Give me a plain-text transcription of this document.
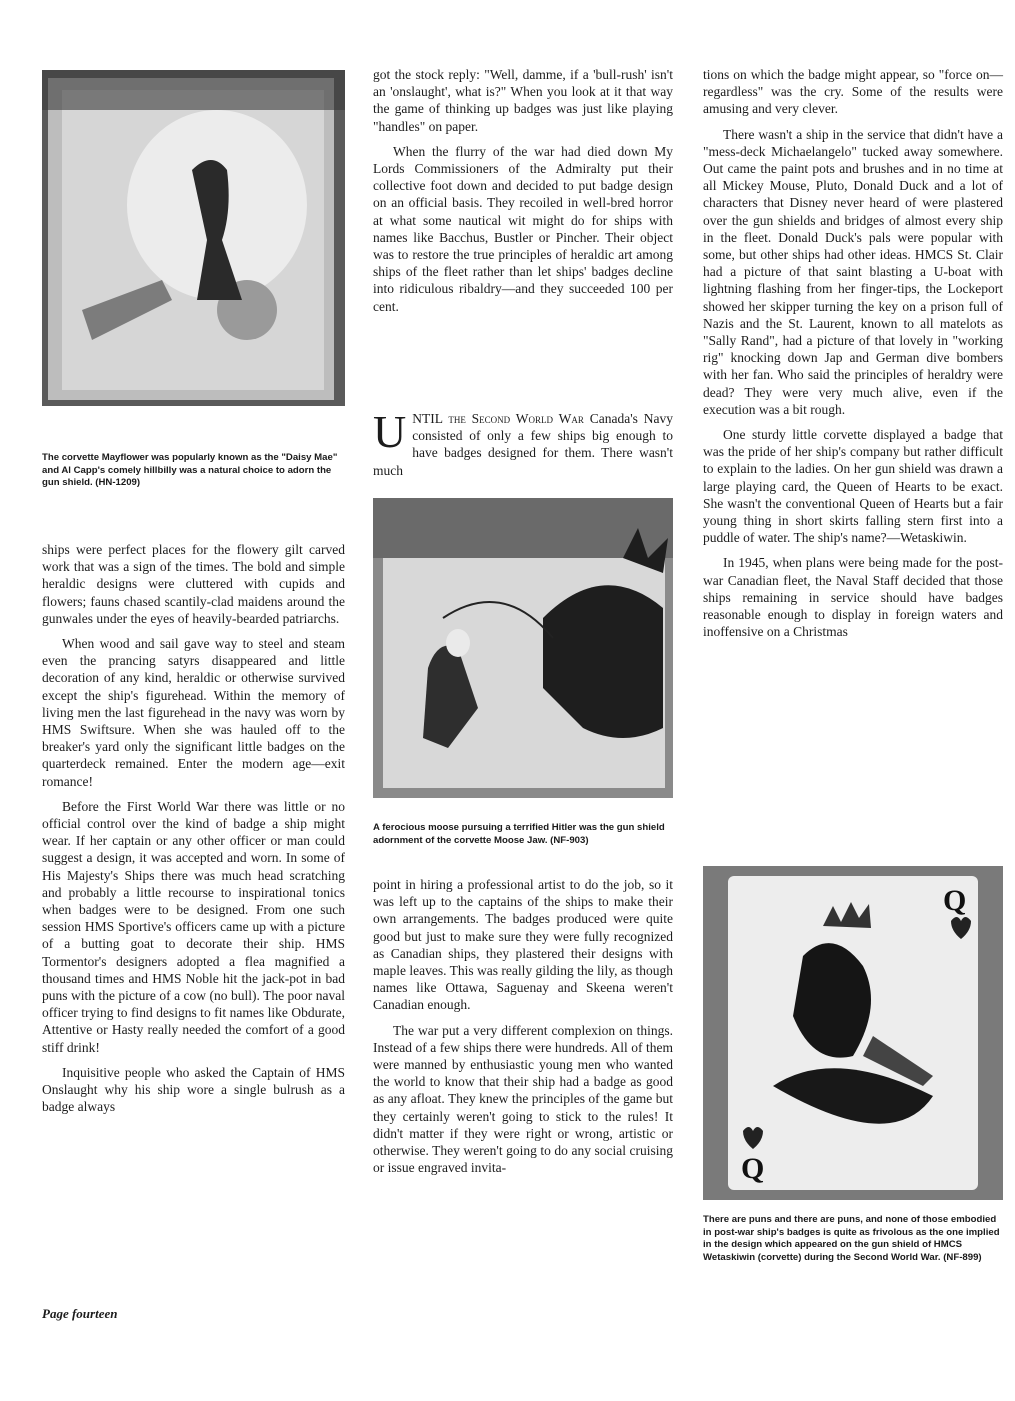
The corvette Mayflower was popularly known as the "Daisy Mae" and Al Capp's comely hillbilly was a natural choice to adorn the gun shield. (HN-1209)

ships were perfect places for the flowery gilt carved work that was a sign of the times. The bold and simple heraldic designs were cluttered with cupids and flowers; fauns chased scantily-clad maidens around the gunwales under the eyes of heavily-bearded patriarchs.

When wood and sail gave way to steel and steam even the prancing satyrs disappeared and little decoration of any kind, heraldic or otherwise survived except the ship's figurehead. Within the memory of living men the last figurehead in the navy was worn by HMS Swiftsure. When she was hauled off to the breaker's yard only the significant little badges on the quarterdeck remained. Enter the modern age—exit romance!

Before the First World War there was little or no official control over the kind of badge a ship might wear. If her captain or any other officer or man could suggest a design, it was accepted and worn. In some of His Majesty's Ships there was much head scratching and probably a little recourse to inspirational tonics when badges were to be designed. From one such session HMS Sportive's officers came up with a picture of a butting goat to decorate their ship. HMS Tormentor's designers adopted a flea magnified a thousand times and HMS Noble hit the jack-pot in bad puns with the picture of a cow (no bull). The poor naval officer trying to find designs to fit names like Obdurate, Attentive or Hasty really needed the comfort of a good stiff drink!

Inquisitive people who asked the Captain of HMS Onslaught why his ship wore a single bulrush as a badge always

Page fourteen

got the stock reply: "Well, damme, if a 'bull-rush' isn't an 'onslaught', what is?" When you look at it that way the game of thinking up badges was just like playing "handles" on paper.

When the flurry of the war had died down My Lords Commissioners of the Admiralty put their collective foot down and decided to put badge design on an official basis. They recoiled in well-bred horror at what some nautical wit might do for ships with names like Bacchus, Bustler or Pincher. Their object was to restore the true principles of heraldic art among ships of the fleet rather than let ships' badges decline into ridiculous ribaldry—and they succeeded 100 per cent.

UNTIL the Second World War Canada's Navy consisted of only a few ships big enough to have badges designed for them. There wasn't much

A ferocious moose pursuing a terrified Hitler was the gun shield adornment of the corvette Moose Jaw. (NF-903)

point in hiring a professional artist to do the job, so it was left up to the captains of the ships to make their own arrangements. The badges produced were quite good but just to make sure they were fully recognized as Canadian ships, they plastered their designs with maple leaves. This was really gilding the lily, as though names like Ottawa, Saguenay and Skeena weren't Canadian enough.

The war put a very different complexion on things. Instead of a few ships there were hundreds. All of them were manned by enthusiastic young men who wanted the world to know that their ship had a badge as good as any afloat. They knew the principles of the game but they certainly weren't going to stick to the rules! It didn't matter if they were right or wrong, artistic or otherwise. They weren't going to do any social cruising or issue engraved invita-

tions on which the badge might appear, so "force on—regardless" was the cry. Some of the results were amusing and very clever.

There wasn't a ship in the service that didn't have a "mess-deck Michaelangelo" tucked away somewhere. Out came the paint pots and brushes and in no time at all Mickey Mouse, Pluto, Donald Duck and a lot of characters that Disney never heard of were plastered over the gun shields and bridges of almost every ship in the fleet. Donald Duck's pals were popular with some, but other ships had other ideas. HMCS St. Clair had a picture of that saint blasting a U-boat with lightning flashing from her finger-tips, the Lockeport showed her skipper turning the key on a prison full of Nazis and the St. Laurent, known to all matelots as "Sally Rand", had a picture of that lovely in "working rig" knocking down Jap and German dive bombers with her fan. Who said the principles of heraldry were dead? They were very much alive, even if the execution was a bit rough.

One sturdy little corvette displayed a badge that was the pride of her ship's company but rather difficult to explain to the ladies. On her gun shield was drawn a large playing card, the Queen of Hearts to be exact. She wasn't the conventional Queen of Hearts but a fair young thing in short skirts falling stern first into a puddle of water. The ship's name?—Wetaskiwin.

In 1945, when plans were being made for the post-war Canadian fleet, the Naval Staff decided that those ships remaining in service should have badges reasonable enough to display in foreign waters and inoffensive on a Christmas

Q
Q

There are puns and there are puns, and none of those embodied in post-war ship's badges is quite as frivolous as the one implied in the design which appeared on the gun shield of HMCS Wetaskiwin (corvette) during the Second World War. (NF-899)
